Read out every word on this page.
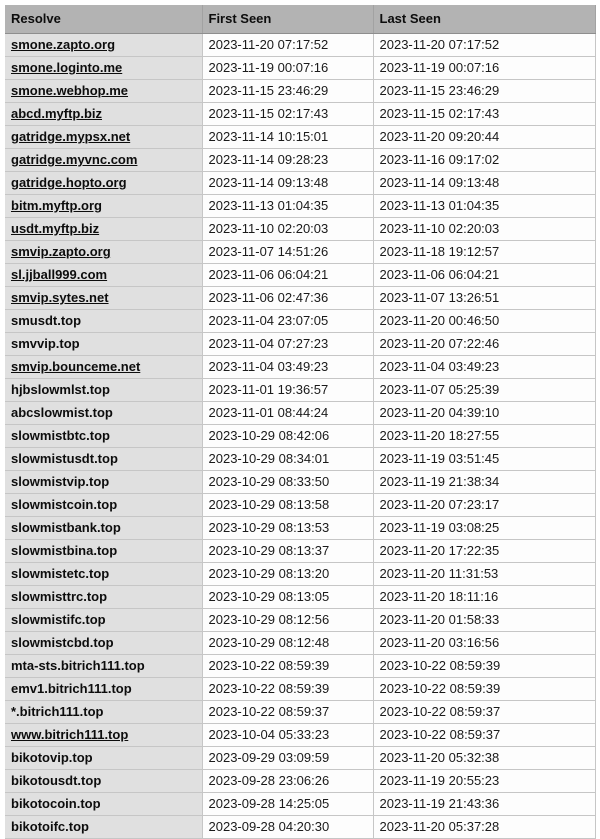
Resolve	First Seen	Last Seen
smone.zapto.org	2023-11-20 07:17:52	2023-11-20 07:17:52
smone.loginto.me	2023-11-19 00:07:16	2023-11-19 00:07:16
smone.webhop.me	2023-11-15 23:46:29	2023-11-15 23:46:29
abcd.myftp.biz	2023-11-15 02:17:43	2023-11-15 02:17:43
gatridge.mypsx.net	2023-11-14 10:15:01	2023-11-20 09:20:44
gatridge.myvnc.com	2023-11-14 09:28:23	2023-11-16 09:17:02
gatridge.hopto.org	2023-11-14 09:13:48	2023-11-14 09:13:48
bitm.myftp.org	2023-11-13 01:04:35	2023-11-13 01:04:35
usdt.myftp.biz	2023-11-10 02:20:03	2023-11-10 02:20:03
smvip.zapto.org	2023-11-07 14:51:26	2023-11-18 19:12:57
sl.jjball999.com	2023-11-06 06:04:21	2023-11-06 06:04:21
smvip.sytes.net	2023-11-06 02:47:36	2023-11-07 13:26:51
smusdt.top	2023-11-04 23:07:05	2023-11-20 00:46:50
smvvip.top	2023-11-04 07:27:23	2023-11-20 07:22:46
smvip.bounceme.net	2023-11-04 03:49:23	2023-11-04 03:49:23
hjbslowmlst.top	2023-11-01 19:36:57	2023-11-07 05:25:39
abcslowmist.top	2023-11-01 08:44:24	2023-11-20 04:39:10
slowmistbtc.top	2023-10-29 08:42:06	2023-11-20 18:27:55
slowmistusdt.top	2023-10-29 08:34:01	2023-11-19 03:51:45
slowmistvip.top	2023-10-29 08:33:50	2023-11-19 21:38:34
slowmistcoin.top	2023-10-29 08:13:58	2023-11-20 07:23:17
slowmistbank.top	2023-10-29 08:13:53	2023-11-19 03:08:25
slowmistbina.top	2023-10-29 08:13:37	2023-11-20 17:22:35
slowmistetc.top	2023-10-29 08:13:20	2023-11-20 11:31:53
slowmisttrc.top	2023-10-29 08:13:05	2023-11-20 18:11:16
slowmistifc.top	2023-10-29 08:12:56	2023-11-20 01:58:33
slowmistcbd.top	2023-10-29 08:12:48	2023-11-20 03:16:56
mta-sts.bitrich111.top	2023-10-22 08:59:39	2023-10-22 08:59:39
emv1.bitrich111.top	2023-10-22 08:59:39	2023-10-22 08:59:39
*.bitrich111.top	2023-10-22 08:59:37	2023-10-22 08:59:37
www.bitrich111.top	2023-10-04 05:33:23	2023-10-22 08:59:37
bikotovip.top	2023-09-29 03:09:59	2023-11-20 05:32:38
bikotousdt.top	2023-09-28 23:06:26	2023-11-19 20:55:23
bikotocoin.top	2023-09-28 14:25:05	2023-11-19 21:43:36
bikotoifc.top	2023-09-28 04:20:30	2023-11-20 05:37:28
